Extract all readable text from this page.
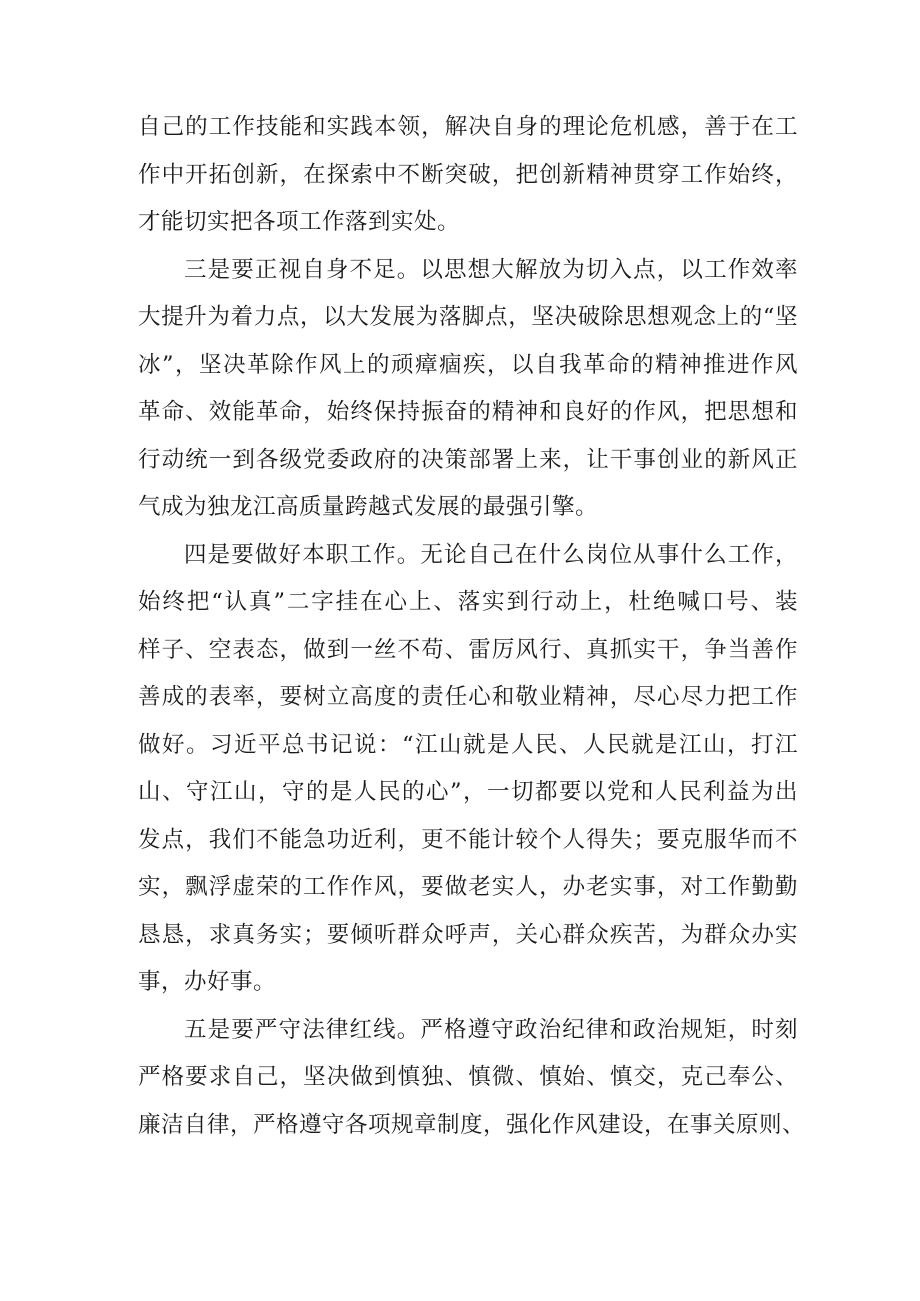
自己的工作技能和实践本领，解决自身的理论危机感，善于在工
作中开拓创新，在探索中不断突破，把创新精神贯穿工作始终，
才能切实把各项工作落到实处。
三是要正视自身不足。以思想大解放为切入点，以工作效率
大提升为着力点，以大发展为落脚点，坚决破除思想观念上的“坚
冰”，坚决革除作风上的顽瘴痼疾，以自我革命的精神推进作风
革命、效能革命，始终保持振奋的精神和良好的作风，把思想和
行动统一到各级党委政府的决策部署上来，让干事创业的新风正
气成为独龙江高质量跨越式发展的最强引擎。
四是要做好本职工作。无论自己在什么岗位从事什么工作，
始终把“认真”二字挂在心上、落实到行动上，杜绝喊口号、装
样子、空表态，做到一丝不苟、雷厉风行、真抓实干，争当善作
善成的表率，要树立高度的责任心和敬业精神，尽心尽力把工作
做好。习近平总书记说：“江山就是人民、人民就是江山，打江
山、守江山，守的是人民的心”，一切都要以党和人民利益为出
发点，我们不能急功近利，更不能计较个人得失；要克服华而不
实，飘浮虚荣的工作作风，要做老实人，办老实事，对工作勤勤
恳恳，求真务实；要倾听群众呼声，关心群众疾苦，为群众办实
事，办好事。
五是要严守法律红线。严格遵守政治纪律和政治规矩，时刻
严格要求自己，坚决做到慎独、慎微、慎始、慎交，克己奉公、
廉洁自律，严格遵守各项规章制度，强化作风建设，在事关原则、
